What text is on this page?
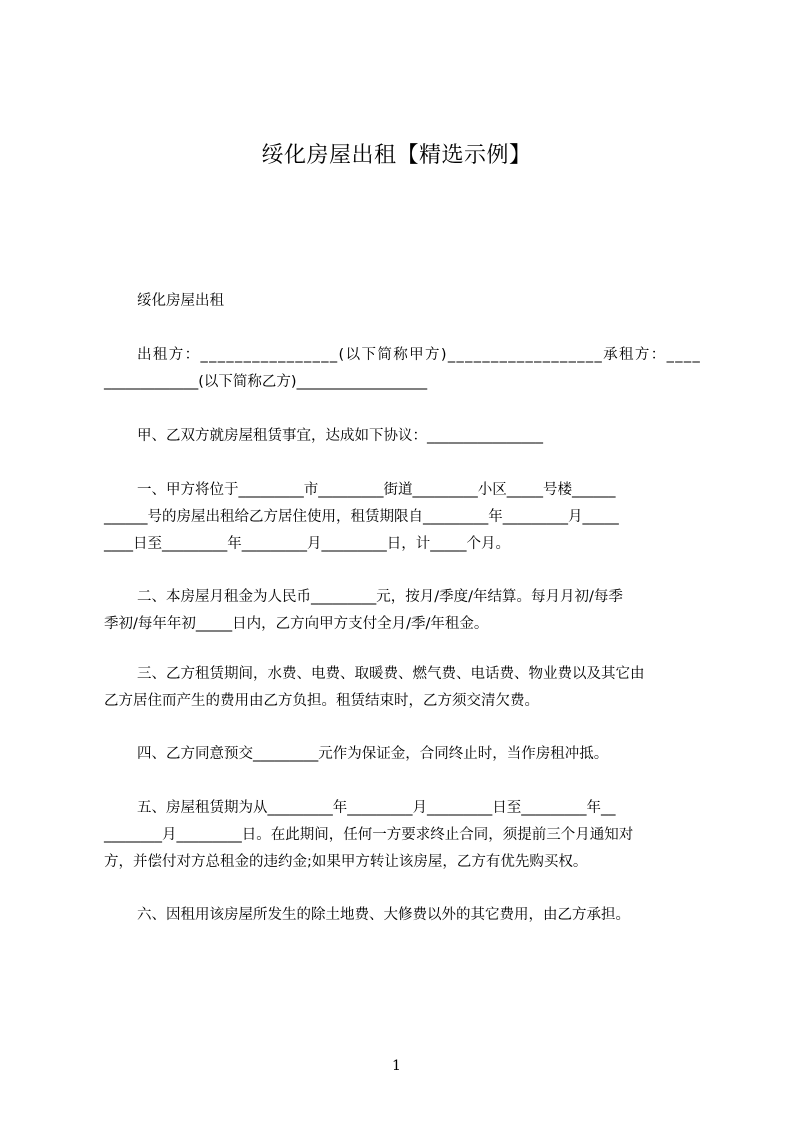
绥化房屋出租【精选示例】
绥化房屋出租
出租方：________________(以下简称甲方)__________________承租方：____
_____________(以下简称乙方)__________________
甲、乙双方就房屋租赁事宜，达成如下协议：________________
一、甲方将位于_________市_________街道_________小区_____号楼______
______号的房屋出租给乙方居住使用，租赁期限自_________年_________月_____
____日至_________年_________月_________日，计_____个月。
二、本房屋月租金为人民币_________元，按月/季度/年结算。每月月初/每季
季初/每年年初_____日内，乙方向甲方支付全月/季/年租金。
三、乙方租赁期间，水费、电费、取暖费、燃气费、电话费、物业费以及其它由
乙方居住而产生的费用由乙方负担。租赁结束时，乙方须交清欠费。
四、乙方同意预交_________元作为保证金，合同终止时，当作房租冲抵。
五、房屋租赁期为从_________年_________月_________日至_________年__
________月_________日。在此期间，任何一方要求终止合同，须提前三个月通知对
方，并偿付对方总租金的违约金;如果甲方转让该房屋，乙方有优先购买权。
六、因租用该房屋所发生的除土地费、大修费以外的其它费用，由乙方承担。
1
